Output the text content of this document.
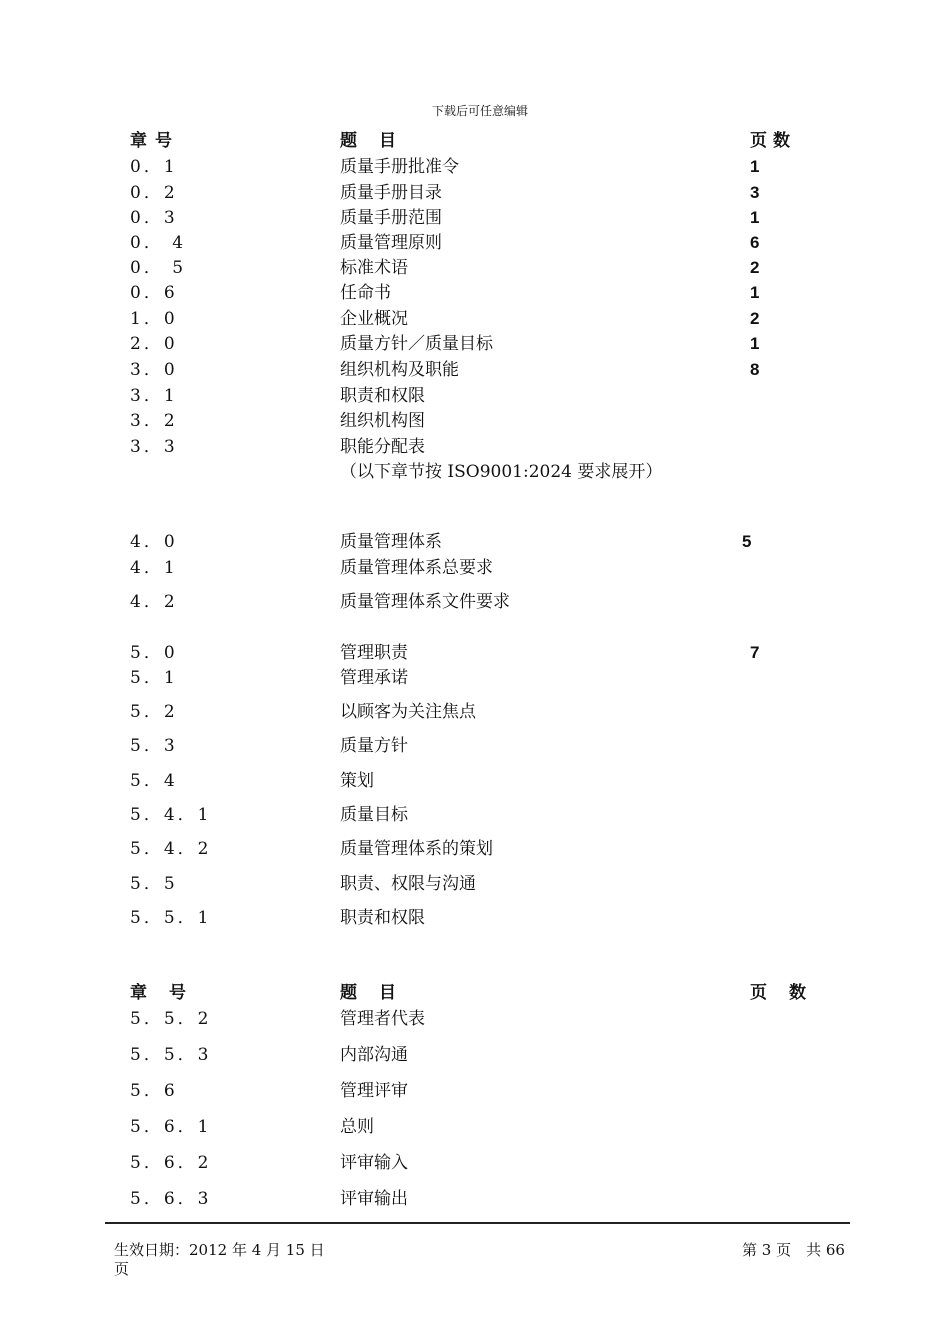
下载后可任意编辑
章号	题目	页数
0．1	质量手册批准令	1
0．2	质量手册目录	3
0．3	质量手册范围	1
0． 4	质量管理原则	6
0． 5	标准术语	2
0．6	任命书	1
1．0	企业概况	2
2．0	质量方针／质量目标	1
3．0	组织机构及职能	8
3．1	职责和权限
3．2	组织机构图
3．3	职能分配表
（以下章节按 ISO9001:2024 要求展开）
4．0	质量管理体系	5
4．1	质量管理体系总要求
4．2	质量管理体系文件要求
5．0	管理职责	7
5．1	管理承诺
5．2	以顾客为关注焦点
5．3	质量方针
5．4	策划
5．4．1	质量目标
5．4．2	质量管理体系的策划
5．5	职责、权限与沟通
5．5．1	职责和权限
章号	题目	页数
5．5．2	管理者代表
5．5．3	内部沟通
5．6	管理评审
5．6．1	总则
5．6．2	评审输入
5．6．3	评审输出
生效日期：2012 年 4 月 15 日页
第 3 页　共 66
